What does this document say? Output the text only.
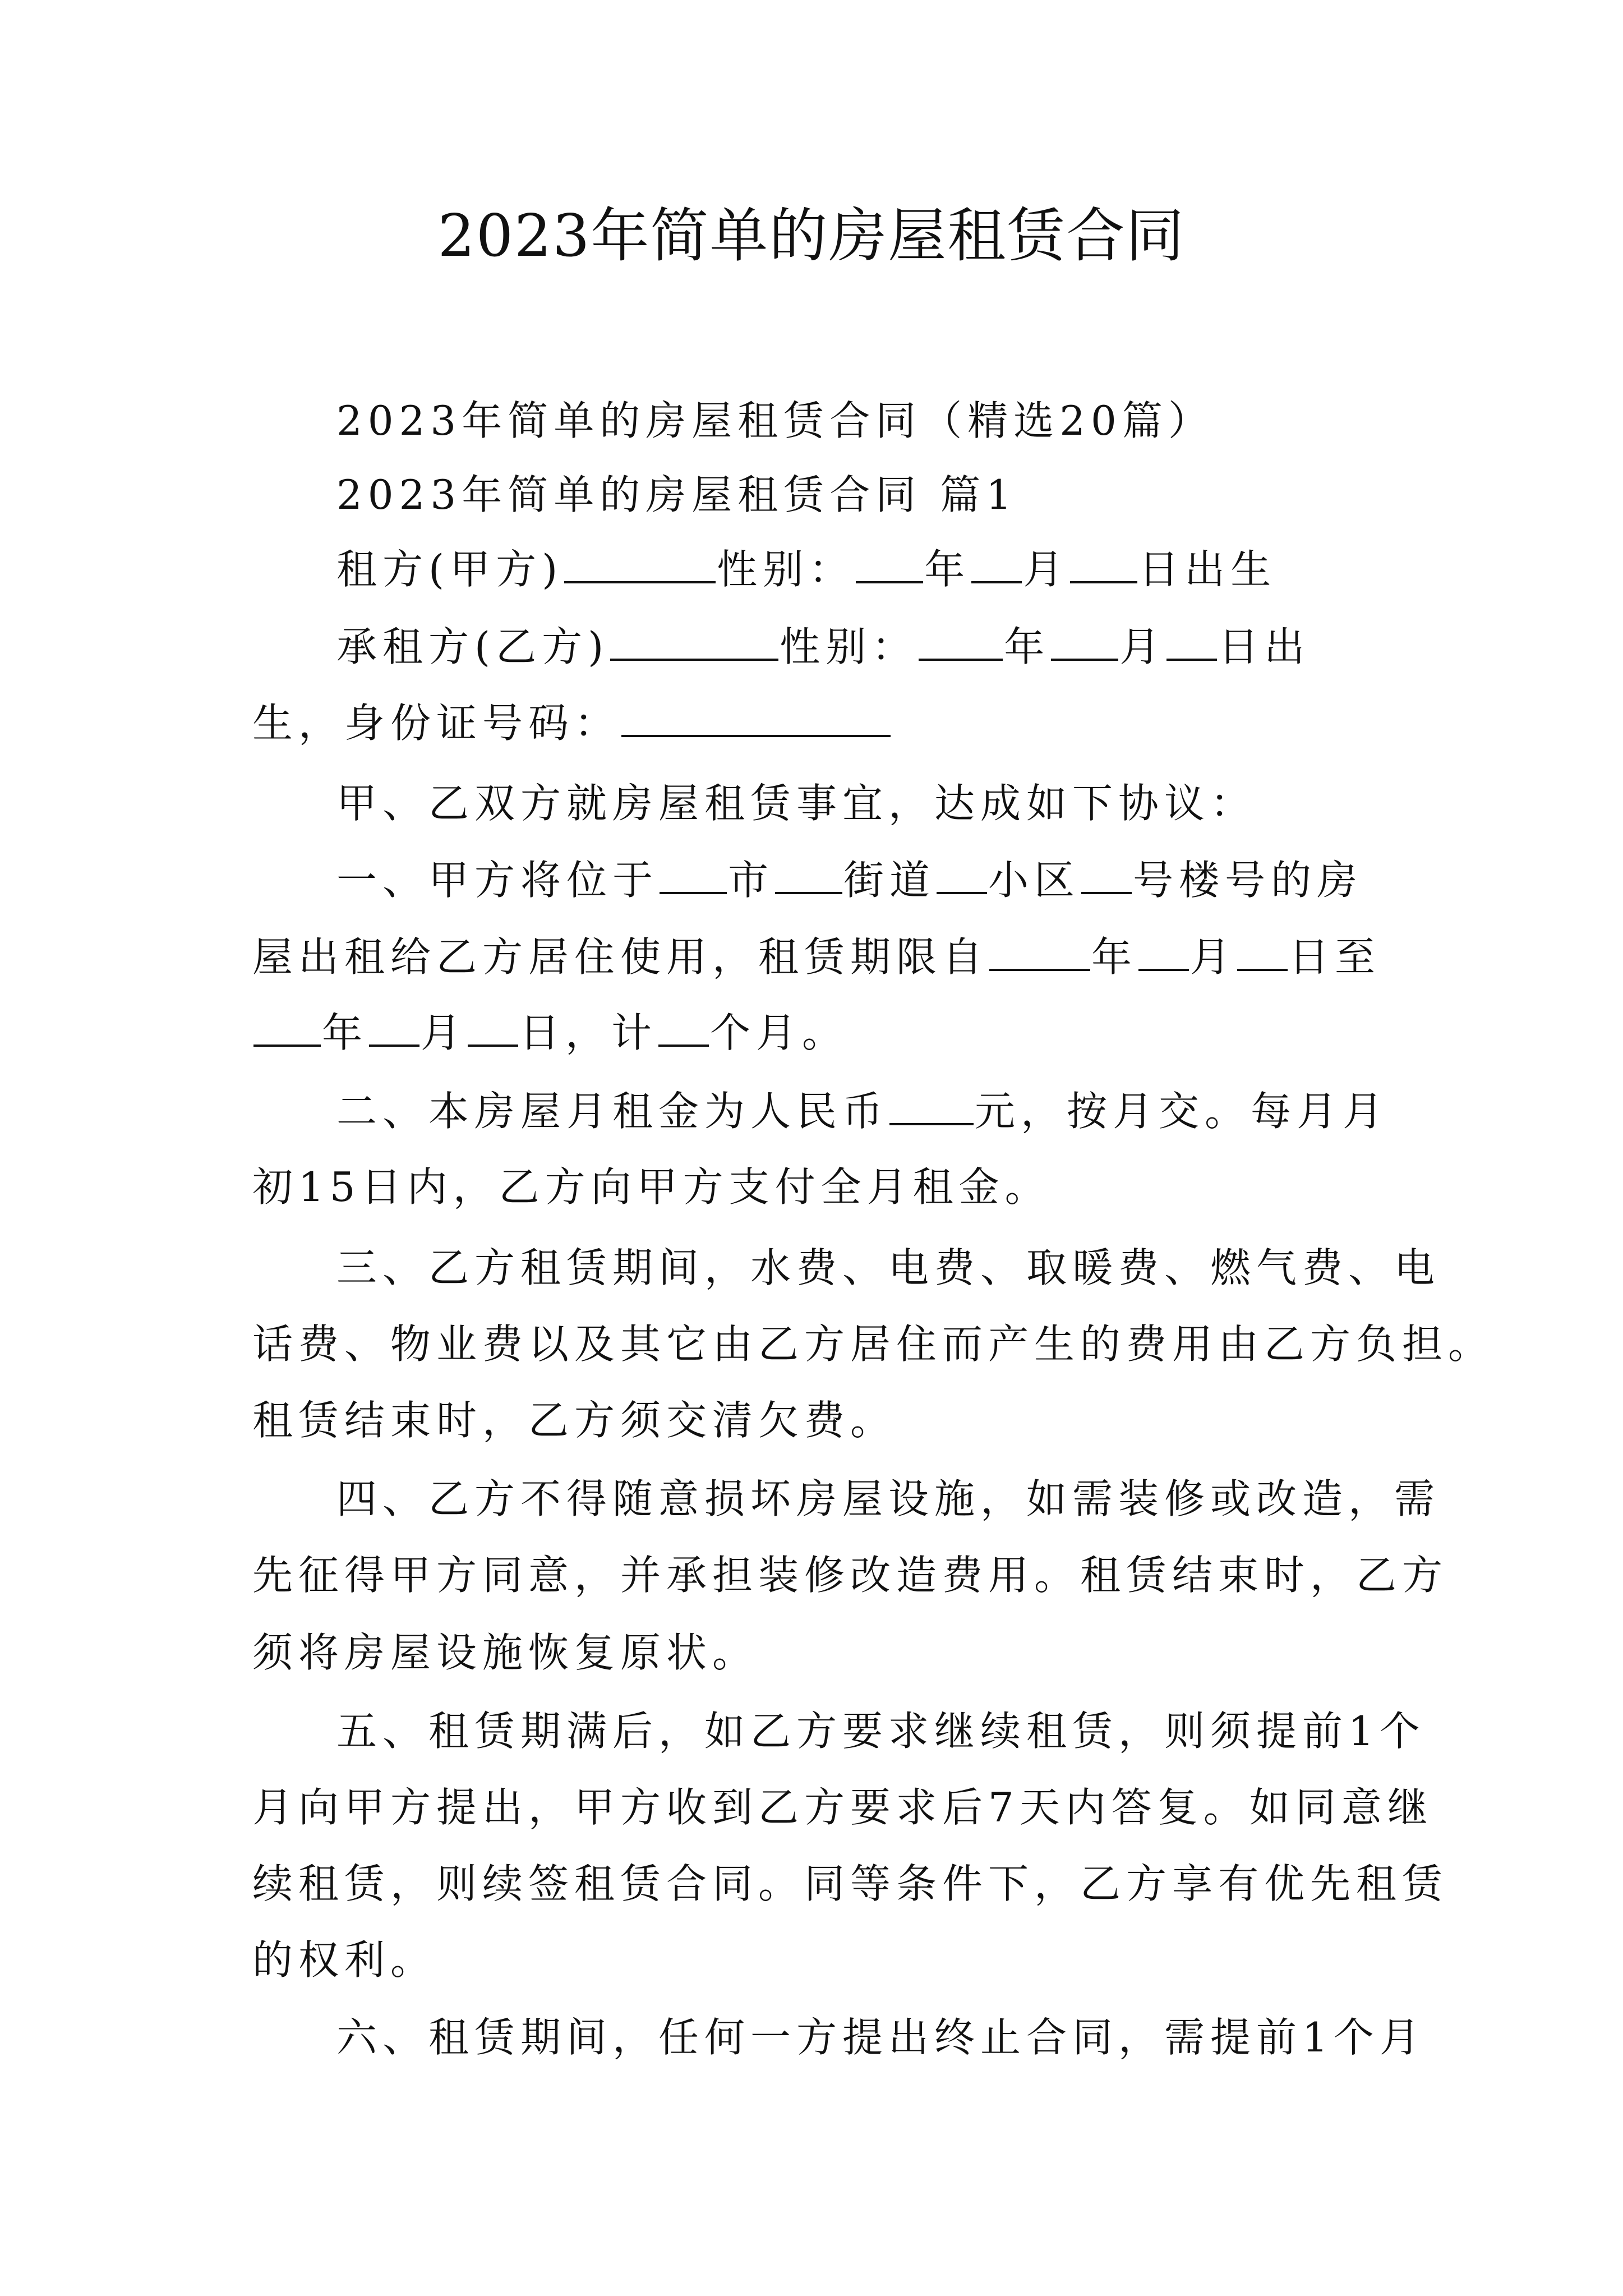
2023年简单的房屋租赁合同
2023年简单的房屋租赁合同（精选20篇）
2023年简单的房屋租赁合同 篇1
租方(甲方)	性别： 年 月 日出生
承租方(乙方)	性别： 年 月 日出
生，身份证号码：
甲、乙双方就房屋租赁事宜，达成如下协议：
一、甲方将位于 市 街道 小区 号楼号的房
屋出租给乙方居住使用，租赁期限自	年 月 日至
年 月 日，计 个月。
二、本房屋月租金为人民币 元，按月交。每月月
初15日内，乙方向甲方支付全月租金。
三、乙方租赁期间，水费、电费、取暖费、燃气费、电
话费、物业费以及其它由乙方居住而产生的费用由乙方负担。
租赁结束时，乙方须交清欠费。
四、乙方不得随意损坏房屋设施，如需装修或改造，需
先征得甲方同意，并承担装修改造费用。租赁结束时，乙方
须将房屋设施恢复原状。
五、租赁期满后，如乙方要求继续租赁，则须提前1个
月向甲方提出，甲方收到乙方要求后7天内答复。如同意继
续租赁，则续签租赁合同。同等条件下，乙方享有优先租赁
的权利。
六、租赁期间，任何一方提出终止合同，需提前1个月
